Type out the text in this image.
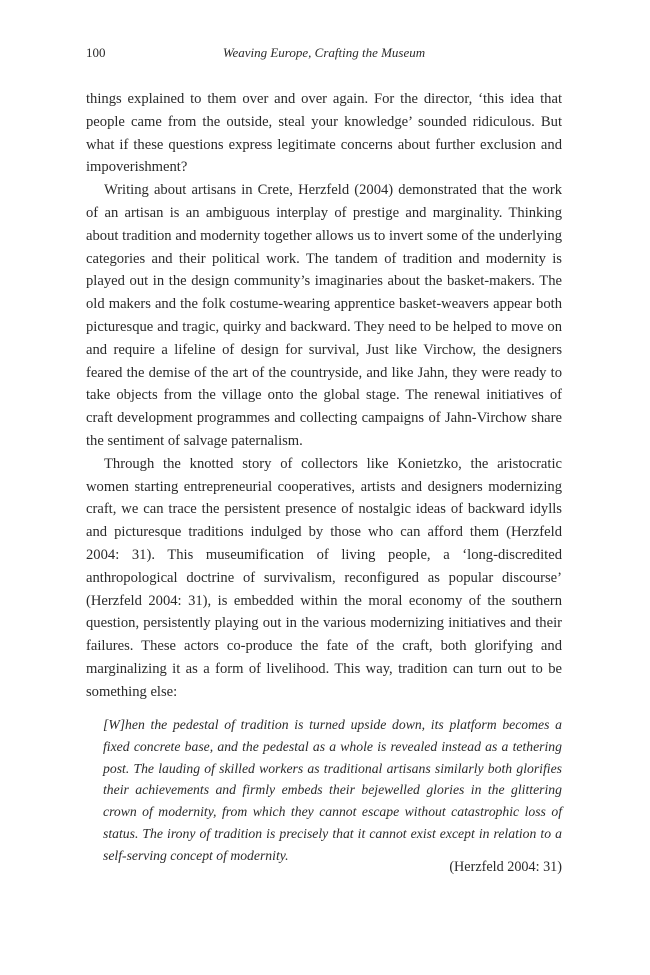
100	Weaving Europe, Crafting the Museum

things explained to them over and over again. For the director, ‘this idea that people came from the outside, steal your knowledge’ sounded ridiculous. But what if these questions express legitimate concerns about further exclusion and impoverishment?

Writing about artisans in Crete, Herzfeld (2004) demonstrated that the work of an artisan is an ambiguous interplay of prestige and marginality. Thinking about tradition and modernity together allows us to invert some of the underlying categories and their political work. The tandem of tradition and modernity is played out in the design community’s imaginaries about the basket-makers. The old makers and the folk costume-wearing apprentice basket-weavers appear both picturesque and tragic, quirky and backward. They need to be helped to move on and require a lifeline of design for survival, Just like Virchow, the designers feared the demise of the art of the countryside, and like Jahn, they were ready to take objects from the village onto the global stage. The renewal initiatives of craft development programmes and collecting campaigns of Jahn-Virchow share the sentiment of salvage paternalism.

Through the knotted story of collectors like Konietzko, the aristocratic women starting entrepreneurial cooperatives, artists and designers modernizing craft, we can trace the persistent presence of nostalgic ideas of backward idylls and picturesque traditions indulged by those who can afford them (Herzfeld 2004: 31). This museumification of living people, a ‘long-discredited anthropological doctrine of survivalism, reconfigured as popular discourse’ (Herzfeld 2004: 31), is embedded within the moral economy of the southern question, persistently playing out in the various modernizing initiatives and their failures. These actors co-produce the fate of the craft, both glorifying and marginalizing it as a form of livelihood. This way, tradition can turn out to be something else:

[W]hen the pedestal of tradition is turned upside down, its platform becomes a fixed concrete base, and the pedestal as a whole is revealed instead as a tethering post. The lauding of skilled workers as traditional artisans similarly both glorifies their achievements and firmly embeds their bejewelled glories in the glittering crown of modernity, from which they cannot escape without catastrophic loss of status. The irony of tradition is precisely that it cannot exist except in relation to a self-serving concept of modernity.

(Herzfeld 2004: 31)
